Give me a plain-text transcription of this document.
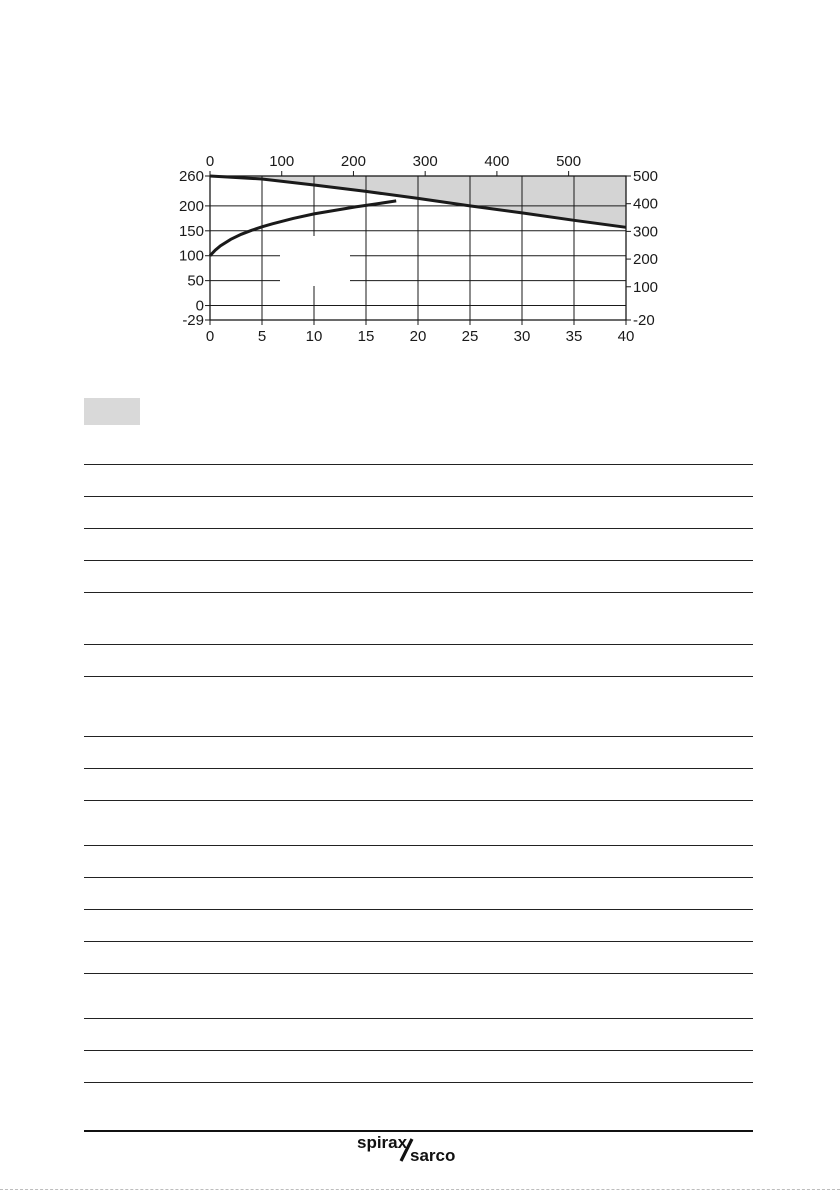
0	5	10 15 20 25 30 35 40
0	100	200	300	400	500
260
200
150
100
50
0
-29
500
400
300
200
100
-20
spirax
sarco
